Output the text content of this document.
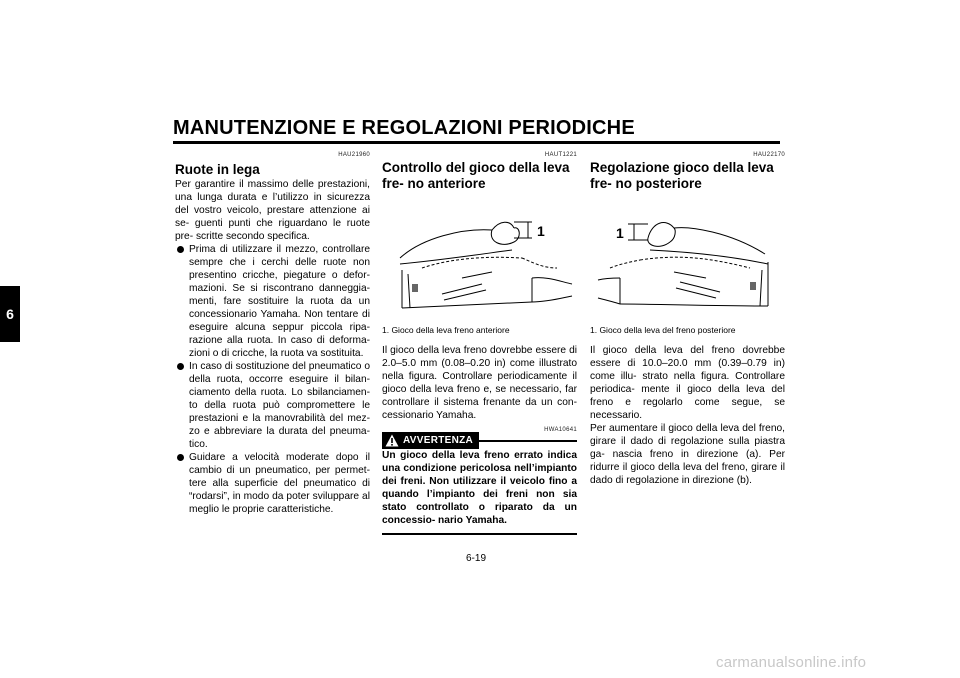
MANUTENZIONE E REGOLAZIONI PERIODICHE
6
HAU21960
Ruote in lega

Per garantire il massimo delle prestazioni, una lunga durata e l’utilizzo in sicurezza del vostro veicolo, prestare attenzione ai se- guenti punti che riguardano le ruote pre- scritte secondo specifica.

Prima di utilizzare il mezzo, controllare sempre che i cerchi delle ruote non presentino cricche, piegature o defor- mazioni. Se si riscontrano danneggia- menti, fare sostituire la ruota da un concessionario Yamaha. Non tentare di eseguire alcuna seppur piccola ripa- razione alla ruota. In caso di deforma- zioni o di cricche, la ruota va sostituita.
In caso di sostituzione del pneumatico o della ruota, occorre eseguire il bilan- ciamento della ruota. Lo sbilanciamen- to della ruota può compromettere le prestazioni e la manovrabilità del mez- zo e abbreviare la durata del pneuma- tico.
Guidare a velocità moderate dopo il cambio di un pneumatico, per permet- tere alla superficie del pneumatico di “rodarsi”, in modo da poter sviluppare al meglio le proprie caratteristiche.
HAUT1221
Controllo del gioco della leva fre- no anteriore
1
1. Gioco della leva freno anteriore

Il gioco della leva freno dovrebbe essere di 2.0–5.0 mm (0.08–0.20 in) come illustrato nella figura. Controllare periodicamente il gioco della leva freno e, se necessario, far controllare il sistema frenante da un con- cessionario Yamaha.

AVVERTENZA
HWA10641
Un gioco della leva freno errato indica una condizione pericolosa nell’impianto dei freni. Non utilizzare il veicolo fino a quando l’impianto dei freni non sia stato controllato o riparato da un concessio- nario Yamaha.
HAU22170
Regolazione gioco della leva fre- no posteriore
1
1. Gioco della leva del freno posteriore

Il gioco della leva del freno dovrebbe essere di 10.0–20.0 mm (0.39–0.79 in) come illu- strato nella figura. Controllare periodica- mente il gioco della leva del freno e regolarlo come segue, se necessario.

Per aumentare il gioco della leva del freno, girare il dado di regolazione sulla piastra ga- nascia freno in direzione (a). Per ridurre il gioco della leva del freno, girare il dado di regolazione in direzione (b).

6-19
carmanualsonline.info
